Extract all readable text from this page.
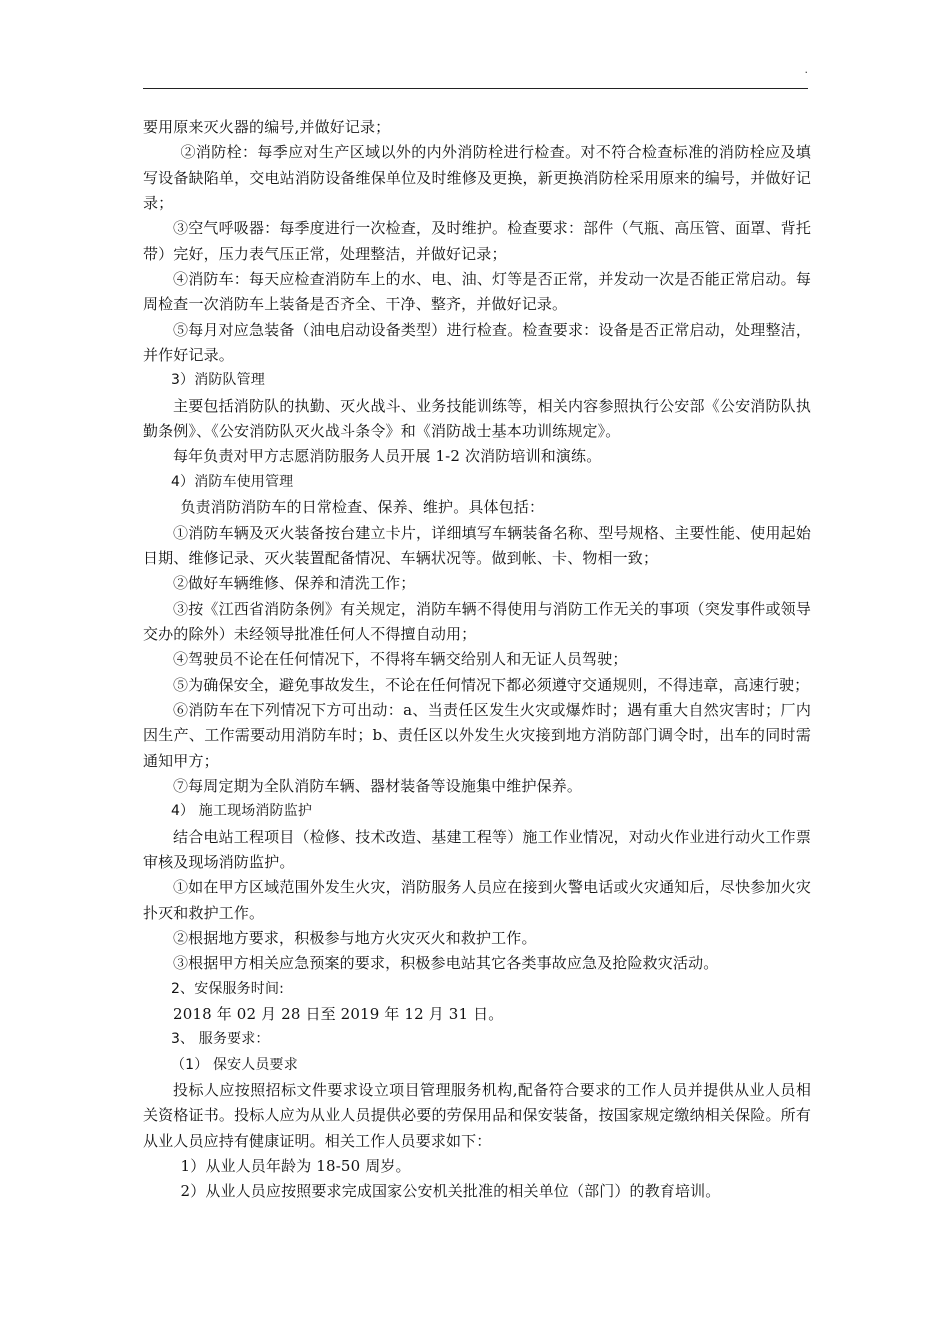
·

要用原来灭火器的编号,并做好记录；

②消防栓：每季应对生产区域以外的内外消防栓进行检查。对不符合检查标准的消防栓应及填写设备缺陷单，交电站消防设备维保单位及时维修及更换，新更换消防栓采用原来的编号，并做好记录；

③空气呼吸器：每季度进行一次检查，及时维护。检查要求：部件（气瓶、高压管、面罩、背托带）完好，压力表气压正常，处理整洁，并做好记录；

④消防车：每天应检查消防车上的水、电、油、灯等是否正常，并发动一次是否能正常启动。每周检查一次消防车上装备是否齐全、干净、整齐，并做好记录。

⑤每月对应急装备（油电启动设备类型）进行检查。检查要求：设备是否正常启动，处理整洁，并作好记录。

3）消防队管理

主要包括消防队的执勤、灭火战斗、业务技能训练等，相关内容参照执行公安部《公安消防队执勤条例》、《公安消防队灭火战斗条令》和《消防战士基本功训练规定》。

每年负责对甲方志愿消防服务人员开展 1-2 次消防培训和演练。

4）消防车使用管理

负责消防消防车的日常检查、保养、维护。具体包括：

①消防车辆及灭火装备按台建立卡片，详细填写车辆装备名称、型号规格、主要性能、使用起始日期、维修记录、灭火装置配备情况、车辆状况等。做到帐、卡、物相一致；

②做好车辆维修、保养和清洗工作；

③按《江西省消防条例》有关规定，消防车辆不得使用与消防工作无关的事项（突发事件或领导交办的除外）未经领导批准任何人不得擅自动用；

④驾驶员不论在任何情况下，不得将车辆交给别人和无证人员驾驶；

⑤为确保安全，避免事故发生，不论在任何情况下都必须遵守交通规则，不得违章，高速行驶；

⑥消防车在下列情况下方可出动：a、当责任区发生火灾或爆炸时；遇有重大自然灾害时；厂内因生产、工作需要动用消防车时；b、责任区以外发生火灾接到地方消防部门调令时，出车的同时需通知甲方；

⑦每周定期为全队消防车辆、器材装备等设施集中维护保养。

4） 施工现场消防监护

结合电站工程项目（检修、技术改造、基建工程等）施工作业情况，对动火作业进行动火工作票审核及现场消防监护。

①如在甲方区域范围外发生火灾，消防服务人员应在接到火警电话或火灾通知后，尽快参加火灾扑灭和救护工作。

②根据地方要求，积极参与地方火灾灭火和救护工作。

③根据甲方相关应急预案的要求，积极参电站其它各类事故应急及抢险救灾活动。

2、安保服务时间:

2018 年 02 月 28 日至 2019 年 12 月 31 日。

3、 服务要求：

（1） 保安人员要求

投标人应按照招标文件要求设立项目管理服务机构,配备符合要求的工作人员并提供从业人员相关资格证书。投标人应为从业人员提供必要的劳保用品和保安装备，按国家规定缴纳相关保险。所有从业人员应持有健康证明。相关工作人员要求如下：

1）从业人员年龄为 18-50 周岁。

2）从业人员应按照要求完成国家公安机关批准的相关单位（部门）的教育培训。
